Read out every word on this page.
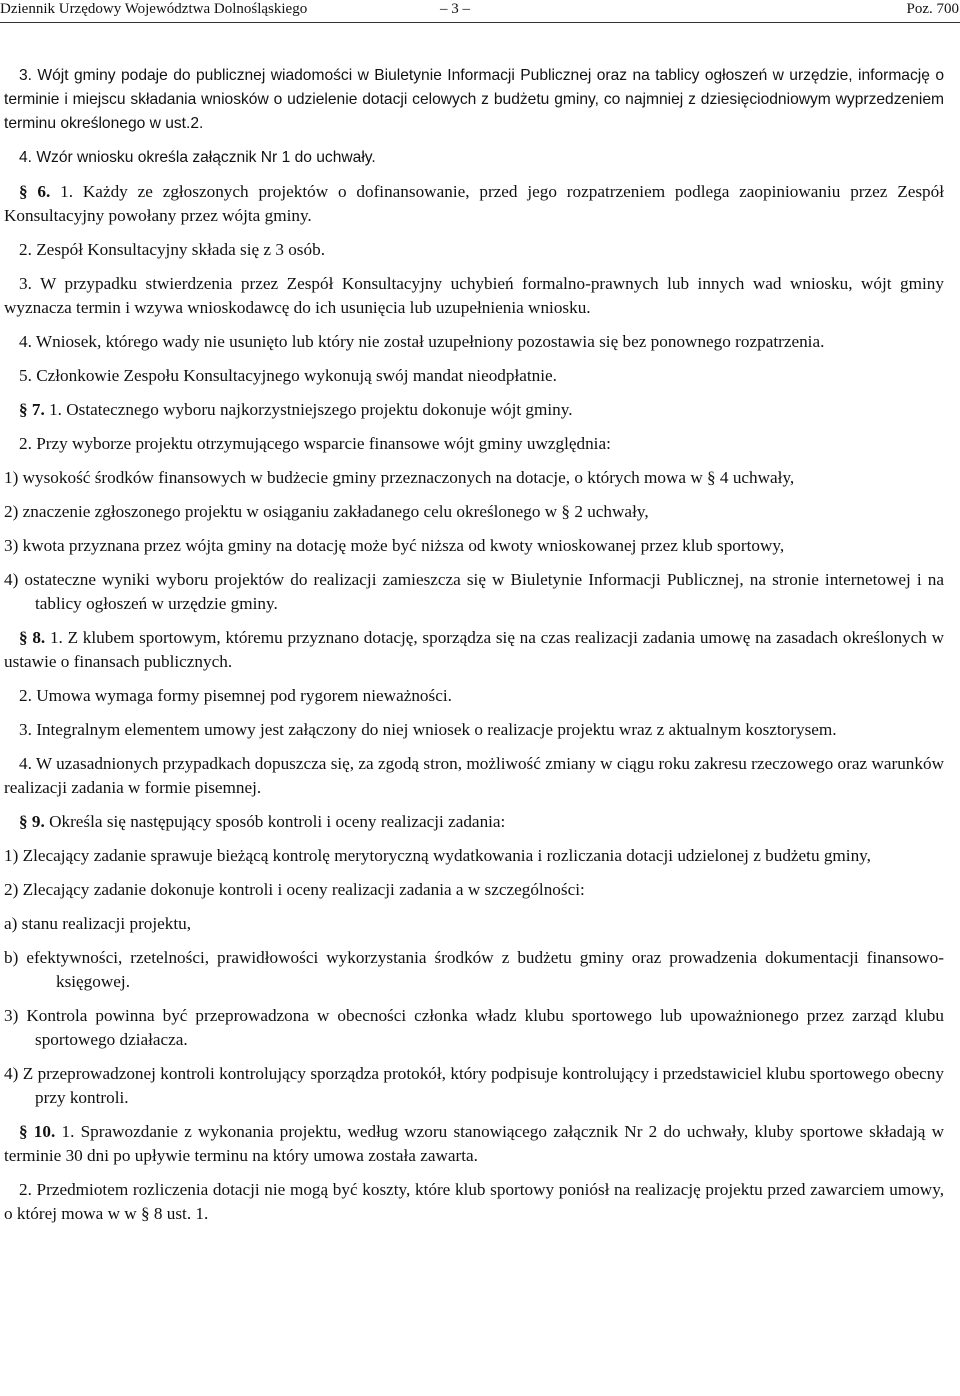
Dziennik Urzędowy Województwa Dolnośląskiego	– 3 –	Poz. 700

3. Wójt gminy podaje do publicznej wiadomości w Biuletynie Informacji Publicznej oraz na tablicy ogłoszeń w urzędzie, informację o terminie i miejscu składania wniosków o udzielenie dotacji celowych z budżetu gminy, co najmniej z dziesięciodniowym wyprzedzeniem terminu określonego w ust.2.

4. Wzór wniosku określa załącznik Nr 1 do uchwały.

§ 6. 1. Każdy ze zgłoszonych projektów o dofinansowanie, przed jego rozpatrzeniem podlega zaopiniowaniu przez Zespół Konsultacyjny powołany przez wójta gminy.

2. Zespół Konsultacyjny składa się z 3 osób.

3. W przypadku stwierdzenia przez Zespół Konsultacyjny uchybień formalno-prawnych lub innych wad wniosku, wójt gminy wyznacza termin i wzywa wnioskodawcę do ich usunięcia lub uzupełnienia wniosku.

4. Wniosek, którego wady nie usunięto lub który nie został uzupełniony pozostawia się bez ponownego rozpatrzenia.

5. Członkowie Zespołu Konsultacyjnego wykonują swój mandat nieodpłatnie.

§ 7. 1. Ostatecznego wyboru najkorzystniejszego projektu dokonuje wójt gminy.

2. Przy wyborze projektu otrzymującego wsparcie finansowe wójt gminy uwzględnia:

1) wysokość środków finansowych w budżecie gminy przeznaczonych na dotacje, o których mowa w § 4 uchwały,

2) znaczenie zgłoszonego projektu w osiąganiu zakładanego celu określonego w § 2 uchwały,

3) kwota przyznana przez wójta gminy na dotację może być niższa od kwoty wnioskowanej przez klub sportowy,

4) ostateczne wyniki wyboru projektów do realizacji zamieszcza się w Biuletynie Informacji Publicznej, na stronie internetowej i na tablicy ogłoszeń w urzędzie gminy.

§ 8. 1. Z klubem sportowym, któremu przyznano dotację, sporządza się na czas realizacji zadania umowę na zasadach określonych w ustawie o finansach publicznych.

2. Umowa wymaga formy pisemnej pod rygorem nieważności.

3. Integralnym elementem umowy jest załączony do niej wniosek o realizacje projektu wraz z aktualnym kosztorysem.

4. W uzasadnionych przypadkach dopuszcza się, za zgodą stron, możliwość zmiany w ciągu roku zakresu rzeczowego oraz warunków realizacji zadania w formie pisemnej.

§ 9. Określa się następujący sposób kontroli i oceny realizacji zadania:

1) Zlecający zadanie sprawuje bieżącą kontrolę merytoryczną wydatkowania i rozliczania dotacji udzielonej z budżetu gminy,

2) Zlecający zadanie dokonuje kontroli i oceny realizacji zadania a w szczególności:

a) stanu realizacji projektu,

b) efektywności, rzetelności, prawidłowości wykorzystania środków z budżetu gminy oraz prowadzenia dokumentacji finansowo-księgowej.

3) Kontrola powinna być przeprowadzona w obecności członka władz klubu sportowego lub upoważnionego przez zarząd klubu sportowego działacza.

4) Z przeprowadzonej kontroli kontrolujący sporządza protokół, który podpisuje kontrolujący i przedstawiciel klubu sportowego obecny przy kontroli.

§ 10. 1. Sprawozdanie z wykonania projektu, według wzoru stanowiącego załącznik Nr 2 do uchwały, kluby sportowe składają w terminie 30 dni po upływie terminu na który umowa została zawarta.

2. Przedmiotem rozliczenia dotacji nie mogą być koszty, które klub sportowy poniósł na realizację projektu przed zawarciem umowy, o której mowa w w § 8 ust. 1.
